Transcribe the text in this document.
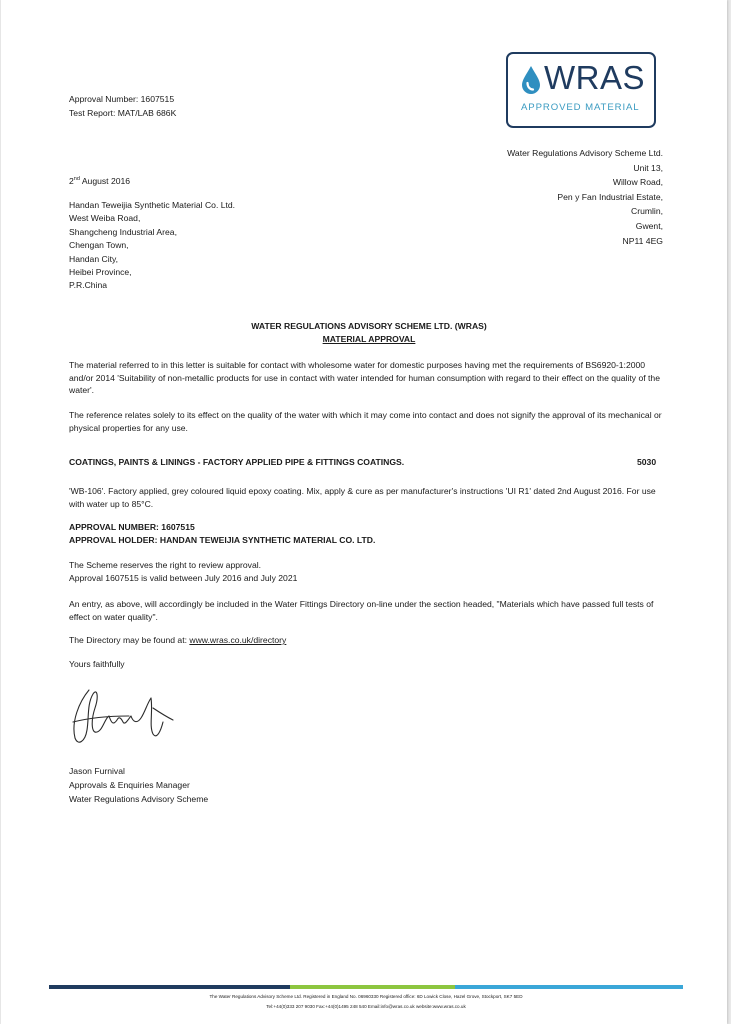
Approval Number: 1607515
Test Report: MAT/LAB 686K
WRAS
APPROVED MATERIAL
Water Regulations Advisory Scheme Ltd.
Unit 13,
Willow Road,
Pen y Fan Industrial Estate,
Crumlin,
Gwent,
NP11 4EG
2nd August 2016
Handan Teweijia Synthetic Material Co. Ltd.
West Weiba Road,
Shangcheng Industrial Area,
Chengan Town,
Handan City,
Heibei Province,
P.R.China
WATER REGULATIONS ADVISORY SCHEME LTD. (WRAS)
MATERIAL APPROVAL
The material referred to in this letter is suitable for contact with wholesome water for domestic purposes having met the requirements of BS6920-1:2000 and/or 2014 'Suitability of non-metallic products for use in contact with water intended for human consumption with regard to their effect on the quality of the water'.
The reference relates solely to its effect on the quality of the water with which it may come into contact and does not signify the approval of its mechanical or physical properties for any use.
COATINGS, PAINTS & LININGS - FACTORY APPLIED PIPE & FITTINGS COATINGS.	5030
'WB-106'. Factory applied, grey coloured liquid epoxy coating. Mix, apply & cure as per manufacturer's instructions 'UI R1' dated 2nd August 2016. For use with water up to 85°C.
APPROVAL NUMBER: 1607515
APPROVAL HOLDER: HANDAN TEWEIJIA SYNTHETIC MATERIAL CO. LTD.
The Scheme reserves the right to review approval.
Approval 1607515 is valid between July 2016 and July 2021
An entry, as above, will accordingly be included in the Water Fittings Directory on-line under the section headed, "Materials which have passed full tests of effect on water quality".
The Directory may be found at: www.wras.co.uk/directory
Yours faithfully
Jason Furnival
Approvals & Enquiries Manager
Water Regulations Advisory Scheme
The Water Regulations Advisory Scheme Ltd. Registered in England No. 06960330 Registered office: 6D Lowick Close, Hazel Grove, Stockport, SK7 5ED
Tel:+44(0)333 207 9030 Fax:+44(0)1495 248 540 Email:info@wras.co.uk website:www.wras.co.uk
